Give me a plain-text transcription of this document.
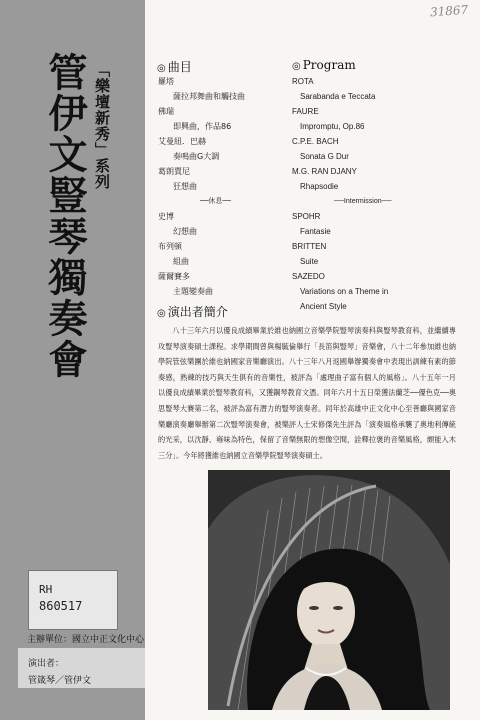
「樂壇新秀」系列
管伊文豎琴獨奏會
RH
860517
主辦單位：國立中正文化中心
演出者：
管箴琴／管伊文
31867
◎ 曲目	◎ Program
羅塔
薩拉邦舞曲和觸技曲
佛瑞
即興曲，作品86
艾曼紐．巴赫
奏鳴曲G大調
葛朗賈尼
狂想曲
──休息──
史博
幻想曲
布列頓
組曲
薩爾賽多
主題變奏曲
ROTA
Sarabanda e Teccata
FAURE
Impromptu, Op.86
C.P.E. BACH
Sonata G Dur
M.G. RAN DJANY
Rhapsodie
──Intermission──
SPOHR
Fantasie
BRITTEN
Suite
SAZEDO
Variations on a Theme in
Ancient Style
◎ 演出者簡介
八十三年六月以優良成績畢業於維也納國立音樂學院豎琴演奏科與豎琴教育科，並繼續專攻豎琴演奏碩士課程。求學期間曾與楊毓倫舉行「長笛與豎琴」音樂會，八十二年參加維也納學院管弦樂團於維也納國家音樂廳演出。八十三年八月返國舉辦獨奏會中表現出訓練有素的節奏感，熟練的技巧與天生俱有的音樂性，被評為「處理曲子富有個人的風格」。八十五年一月以優良成績畢業於豎琴教育科，又獲鋼琴教育文憑。同年六月十五日榮獲法蘭芝──優色克──奧思豎琴大賽第二名，被評為富有潛力的豎琴演奏者。同年於高雄中正文化中心至善廳與國家音樂廳演奏廳舉辦第二次豎琴演奏會，被樂評人士宋修傑先生評為「演奏風格承襲了奧地利傳統的光采，以沈靜、雍味為特色，保留了音樂無限的想像空間，詮釋拉褒的音樂風格，頗能入木三分」。今年將獲維也納國立音樂學院豎琴演奏碩士。
